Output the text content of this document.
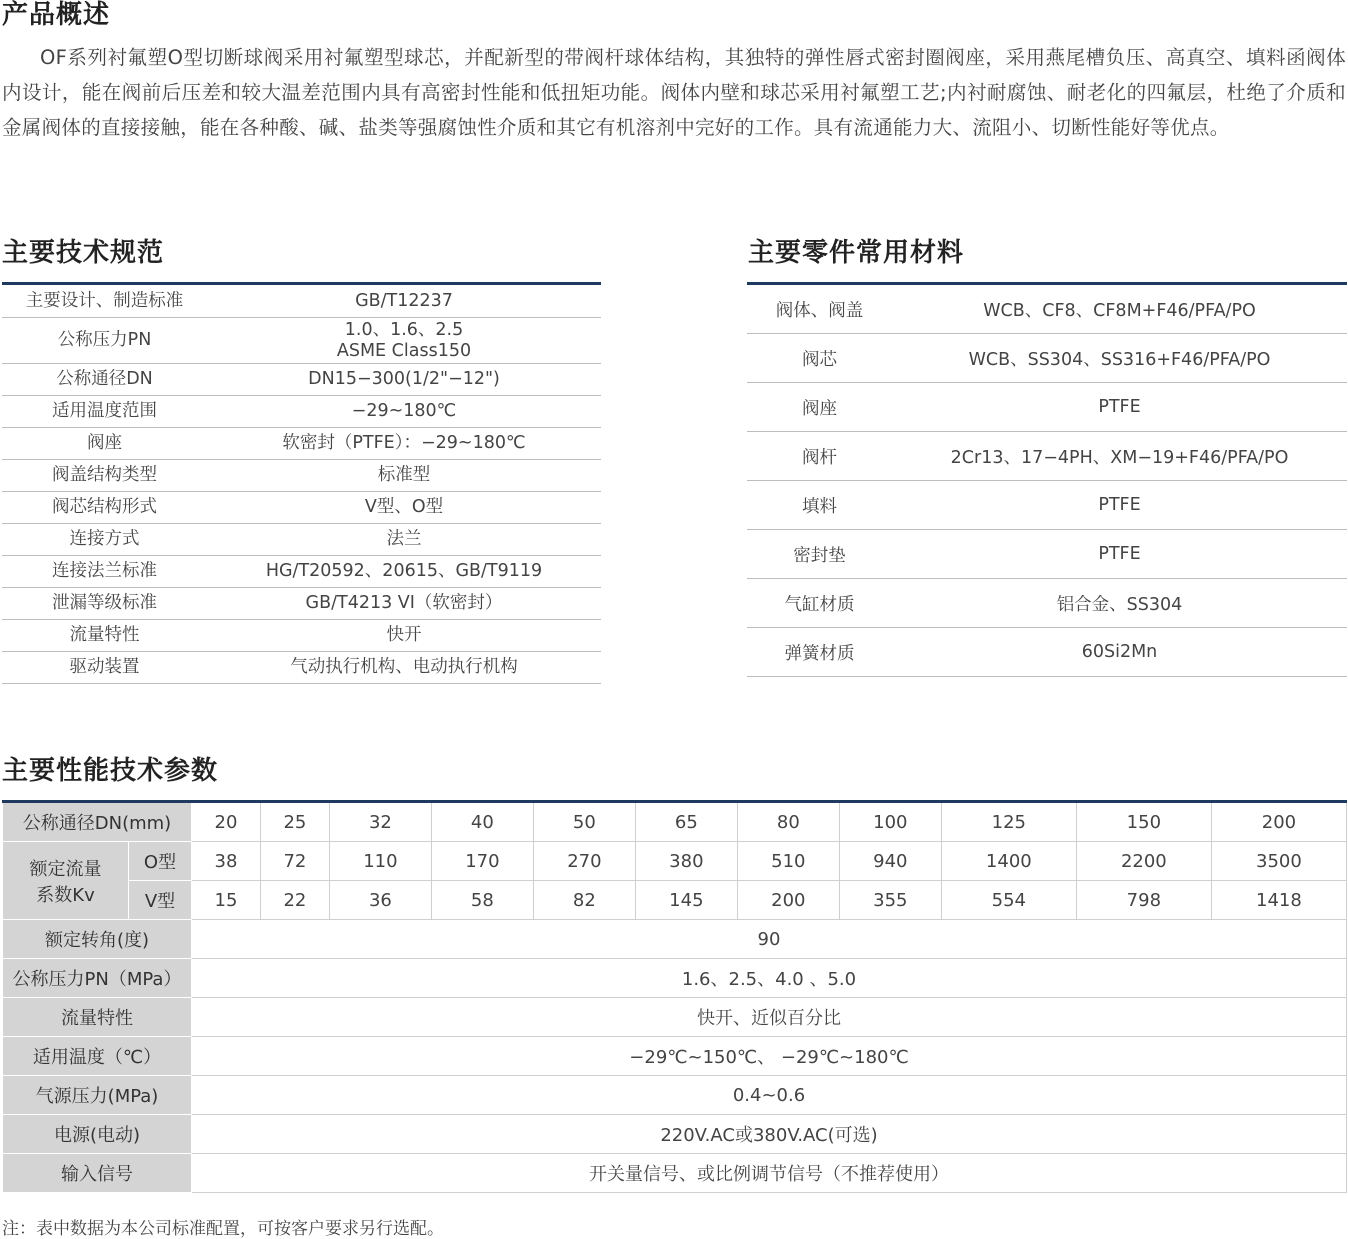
产品概述

OF系列衬氟塑O型切断球阀采用衬氟塑型球芯，并配新型的带阀杆球体结构，其独特的弹性唇式密封圈阀座，采用燕尾槽负压、高真空、填料函阀体内设计，能在阀前后压差和较大温差范围内具有高密封性能和低扭矩功能。阀体内壁和球芯采用衬氟塑工艺;内衬耐腐蚀、耐老化的四氟层，杜绝了介质和金属阀体的直接接触，能在各种酸、碱、盐类等强腐蚀性介质和其它有机溶剂中完好的工作。具有流通能力大、流阻小、切断性能好等优点。

主要技术规范
主要设计、制造标准	GB/T12237
公称压力PN	1.0、1.6、2.5
ASME Class150
公称通径DN	DN15−300(1/2"−12")
适用温度范围	−29~180℃
阀座	软密封（PTFE）：−29~180℃
阀盖结构类型	标准型
阀芯结构形式	V型、O型
连接方式	法兰
连接法兰标准	HG/T20592、20615、GB/T9119
泄漏等级标准	GB/T4213 VI（软密封）
流量特性	快开
驱动装置	气动执行机构、电动执行机构
主要零件常用材料
阀体、阀盖	WCB、CF8、CF8M+F46/PFA/PO
阀芯	WCB、SS304、SS316+F46/PFA/PO
阀座	PTFE
阀杆	2Cr13、17−4PH、XM−19+F46/PFA/PO
填料	PTFE
密封垫	PTFE
气缸材质	铝合金、SS304
弹簧材质	60Si2Mn
主要性能技术参数
公称通径DN(mm)		20	25	32	40	50	65	80	100	125	150	200
额定流量
系数Kv	O型	38	72	110	170	270	380	510	940	1400	2200	3500
	V型	15	22	36	58	82	145	200	355	554	798	1418
额定转角(度)		90										
公称压力PN（MPa）		1.6、2.5、4.0 、5.0										
流量特性		快开、近似百分比										
适用温度（℃）		−29℃~150℃、 −29℃~180℃										
气源压力(MPa)		0.4~0.6										
电源(电动)		220V.AC或380V.AC(可选)										
输入信号		开关量信号、或比例调节信号（不推荐使用）										

注：表中数据为本公司标准配置，可按客户要求另行选配。
